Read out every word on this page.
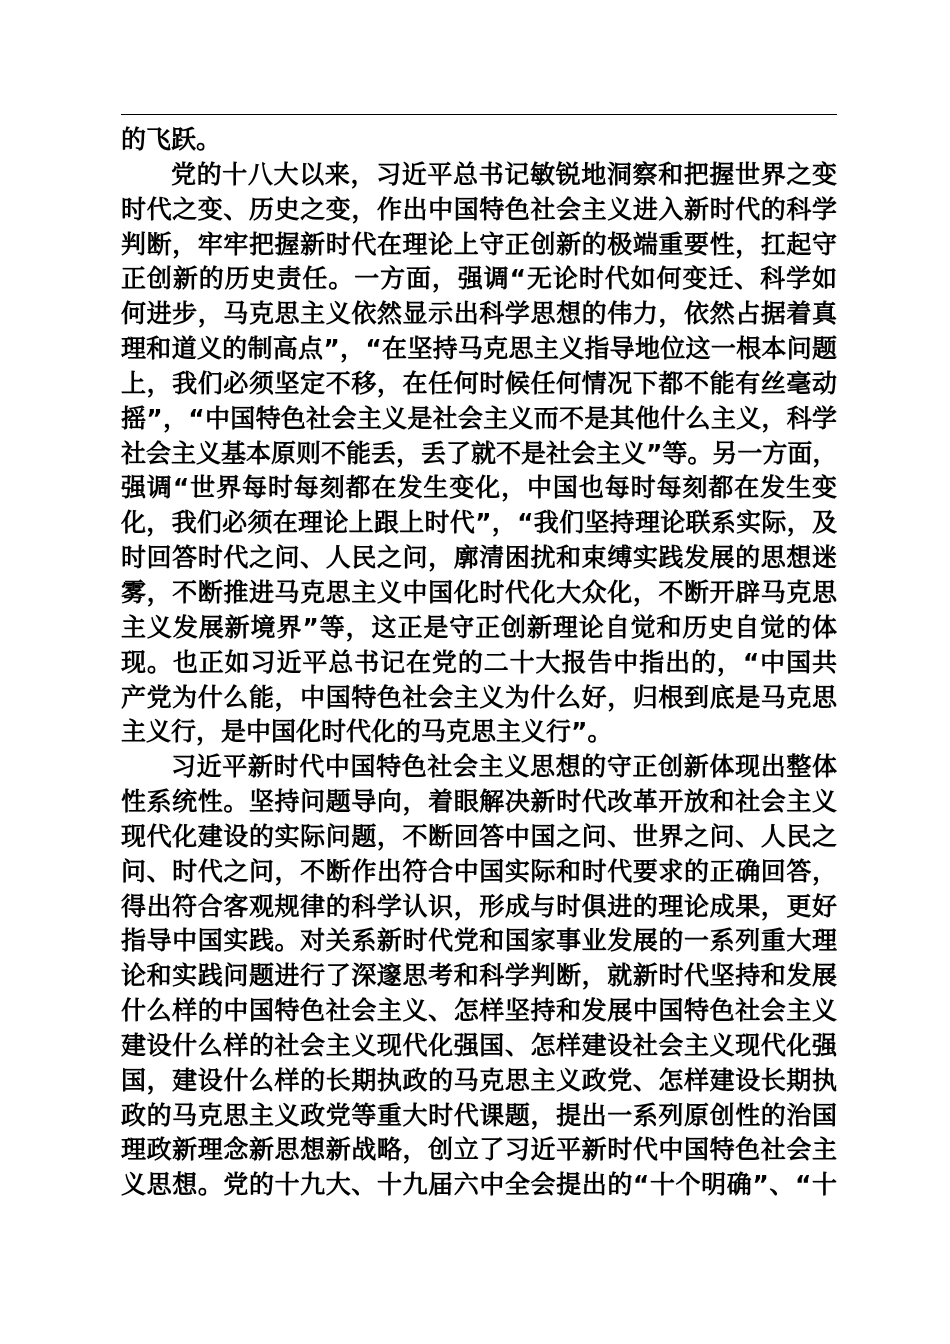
的飞跃。
党的十八大以来，习近平总书记敏锐地洞察和把握世界之变
时代之变、历史之变，作出中国特色社会主义进入新时代的科学
判断，牢牢把握新时代在理论上守正创新的极端重要性，扛起守
正创新的历史责任。一方面，强调“无论时代如何变迁、科学如
何进步，马克思主义依然显示出科学思想的伟力，依然占据着真
理和道义的制高点”，“在坚持马克思主义指导地位这一根本问题
上，我们必须坚定不移，在任何时候任何情况下都不能有丝毫动
摇”，“中国特色社会主义是社会主义而不是其他什么主义，科学
社会主义基本原则不能丢，丢了就不是社会主义”等。另一方面，
强调“世界每时每刻都在发生变化，中国也每时每刻都在发生变
化，我们必须在理论上跟上时代”，“我们坚持理论联系实际，及
时回答时代之问、人民之问，廓清困扰和束缚实践发展的思想迷
雾，不断推进马克思主义中国化时代化大众化，不断开辟马克思
主义发展新境界”等，这正是守正创新理论自觉和历史自觉的体
现。也正如习近平总书记在党的二十大报告中指出的，“中国共
产党为什么能，中国特色社会主义为什么好，归根到底是马克思
主义行，是中国化时代化的马克思主义行”。
习近平新时代中国特色社会主义思想的守正创新体现出整体
性系统性。坚持问题导向，着眼解决新时代改革开放和社会主义
现代化建设的实际问题，不断回答中国之问、世界之问、人民之
问、时代之问，不断作出符合中国实际和时代要求的正确回答，
得出符合客观规律的科学认识，形成与时俱进的理论成果，更好
指导中国实践。对关系新时代党和国家事业发展的一系列重大理
论和实践问题进行了深邃思考和科学判断，就新时代坚持和发展
什么样的中国特色社会主义、怎样坚持和发展中国特色社会主义
建设什么样的社会主义现代化强国、怎样建设社会主义现代化强
国，建设什么样的长期执政的马克思主义政党、怎样建设长期执
政的马克思主义政党等重大时代课题，提出一系列原创性的治国
理政新理念新思想新战略，创立了习近平新时代中国特色社会主
义思想。党的十九大、十九届六中全会提出的“十个明确”、“十
